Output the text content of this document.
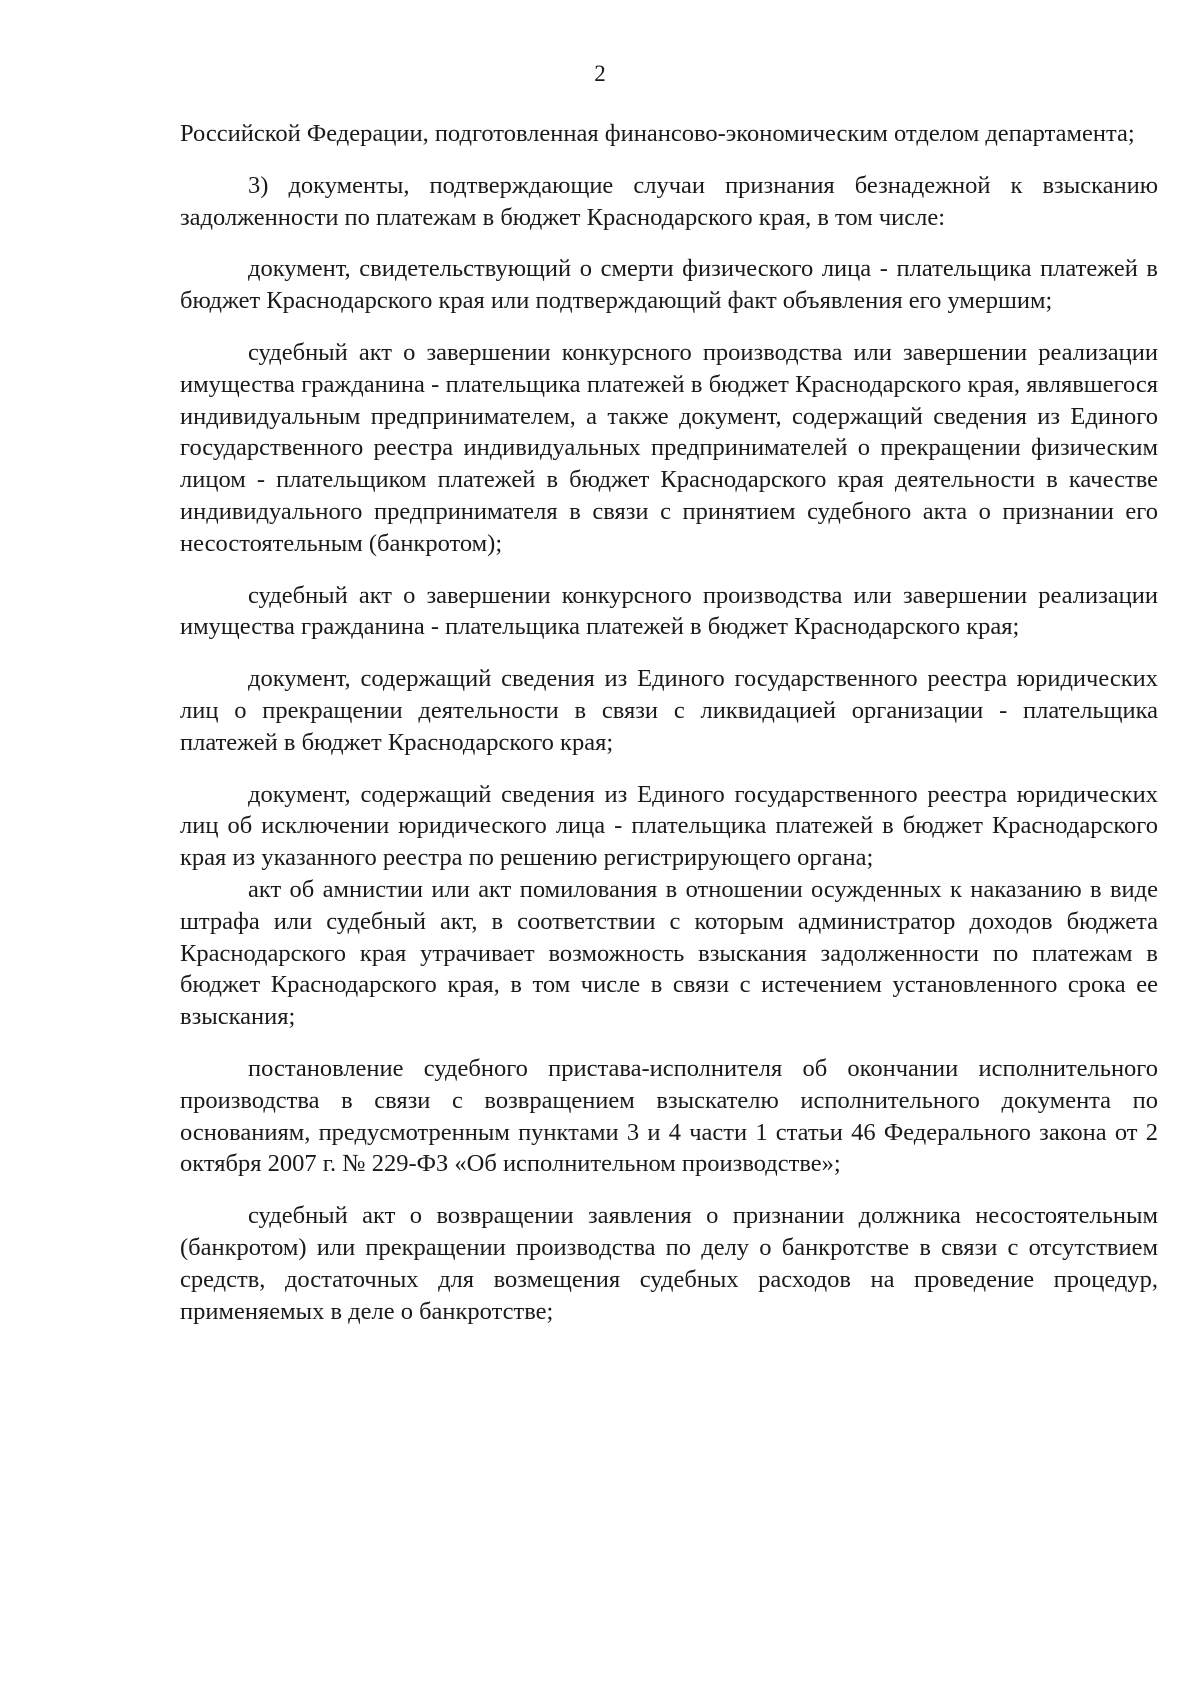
2

Российской Федерации, подготовленная финансово-экономическим отделом департамента;

3) документы, подтверждающие случаи признания безнадежной к взысканию задолженности по платежам в бюджет Краснодарского края, в том числе:

документ, свидетельствующий о смерти физического лица - плательщика платежей в бюджет Краснодарского края или подтверждающий факт объявления его умершим;

судебный акт о завершении конкурсного производства или завершении реализации имущества гражданина - плательщика платежей в бюджет Краснодарского края, являвшегося индивидуальным предпринимателем, а также документ, содержащий сведения из Единого государственного реестра индивидуальных предпринимателей о прекращении физическим лицом - плательщиком платежей в бюджет Краснодарского края деятельности в качестве индивидуального предпринимателя в связи с принятием судебного акта о признании его несостоятельным (банкротом);

судебный акт о завершении конкурсного производства или завершении реализации имущества гражданина - плательщика платежей в бюджет Краснодарского края;

документ, содержащий сведения из Единого государственного реестра юридических лиц о прекращении деятельности в связи с ликвидацией организации - плательщика платежей в бюджет Краснодарского края;

документ, содержащий сведения из Единого государственного реестра юридических лиц об исключении юридического лица - плательщика платежей в бюджет Краснодарского края из указанного реестра по решению регистрирующего органа;

акт об амнистии или акт помилования в отношении осужденных к наказанию в виде штрафа или судебный акт, в соответствии с которым администратор доходов бюджета Краснодарского края утрачивает возможность взыскания задолженности по платежам в бюджет Краснодарского края, в том числе в связи с истечением установленного срока ее взыскания;

постановление судебного пристава-исполнителя об окончании исполнительного производства в связи с возвращением взыскателю исполнительного документа по основаниям, предусмотренным пунктами 3 и 4 части 1 статьи 46 Федерального закона от 2 октября 2007 г. № 229-ФЗ «Об исполнительном производстве»;

судебный акт о возвращении заявления о признании должника несостоятельным (банкротом) или прекращении производства по делу о банкротстве в связи с отсутствием средств, достаточных для возмещения судебных расходов на проведение процедур, применяемых в деле о банкротстве;
